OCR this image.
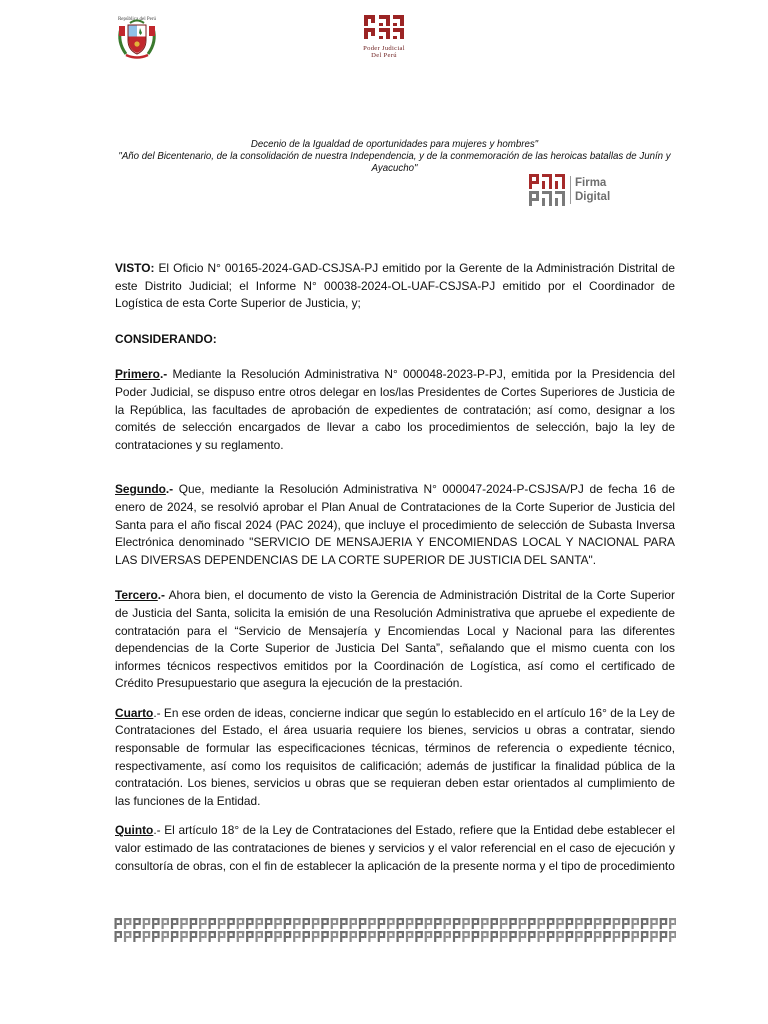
República del Perú
Poder Judicial
Del Perú
Decenio de la Igualdad de oportunidades para mujeres y hombres"
"Año del Bicentenario, de la consolidación de nuestra Independencia, y de la conmemoración de las heroicas batallas de Junín y
Ayacucho"
Firma
Digital

VISTO: El Oficio N° 00165-2024-GAD-CSJSA-PJ emitido por la Gerente de la Administración Distrital de este Distrito Judicial; el Informe N° 00038-2024-OL-UAF-CSJSA-PJ emitido por el Coordinador de Logística de esta Corte Superior de Justicia, y;

CONSIDERANDO:

Primero.- Mediante la Resolución Administrativa N° 000048-2023-P-PJ, emitida por la Presidencia del Poder Judicial, se dispuso entre otros delegar en los/las Presidentes de Cortes Superiores de Justicia de la República, las facultades de aprobación de expedientes de contratación; así como, designar a los comités de selección encargados de llevar a cabo los procedimientos de selección, bajo la ley de contrataciones y su reglamento.

Segundo.- Que, mediante la Resolución Administrativa N° 000047-2024-P-CSJSA/PJ de fecha 16 de enero de 2024, se resolvió aprobar el Plan Anual de Contrataciones de la Corte Superior de Justicia del Santa para el año fiscal 2024 (PAC 2024), que incluye el procedimiento de selección de Subasta Inversa Electrónica denominado "SERVICIO DE MENSAJERIA Y ENCOMIENDAS LOCAL Y NACIONAL PARA LAS DIVERSAS DEPENDENCIAS DE LA CORTE SUPERIOR DE JUSTICIA DEL SANTA".

Tercero.- Ahora bien, el documento de visto la Gerencia de Administración Distrital de la Corte Superior de Justicia del Santa, solicita la emisión de una Resolución Administrativa que apruebe el expediente de contratación para el “Servicio de Mensajería y Encomiendas Local y Nacional para las diferentes dependencias de la Corte Superior de Justicia Del Santa”, señalando que el mismo cuenta con los informes técnicos respectivos emitidos por la Coordinación de Logística, así como el certificado de Crédito Presupuestario que asegura la ejecución de la prestación.

Cuarto.- En ese orden de ideas, concierne indicar que según lo establecido en el artículo 16° de la Ley de Contrataciones del Estado, el área usuaria requiere los bienes, servicios u obras a contratar, siendo responsable de formular las especificaciones técnicas, términos de referencia o expediente técnico, respectivamente, así como los requisitos de calificación; además de justificar la finalidad pública de la contratación. Los bienes, servicios u obras que se requieran deben estar orientados al cumplimiento de las funciones de la Entidad.

Quinto.- El artículo 18° de la Ley de Contrataciones del Estado, refiere que la Entidad debe establecer el valor estimado de las contrataciones de bienes y servicios y el valor referencial en el caso de ejecución y consultoría de obras, con el fin de establecer la aplicación de la presente norma y el tipo de procedimiento
